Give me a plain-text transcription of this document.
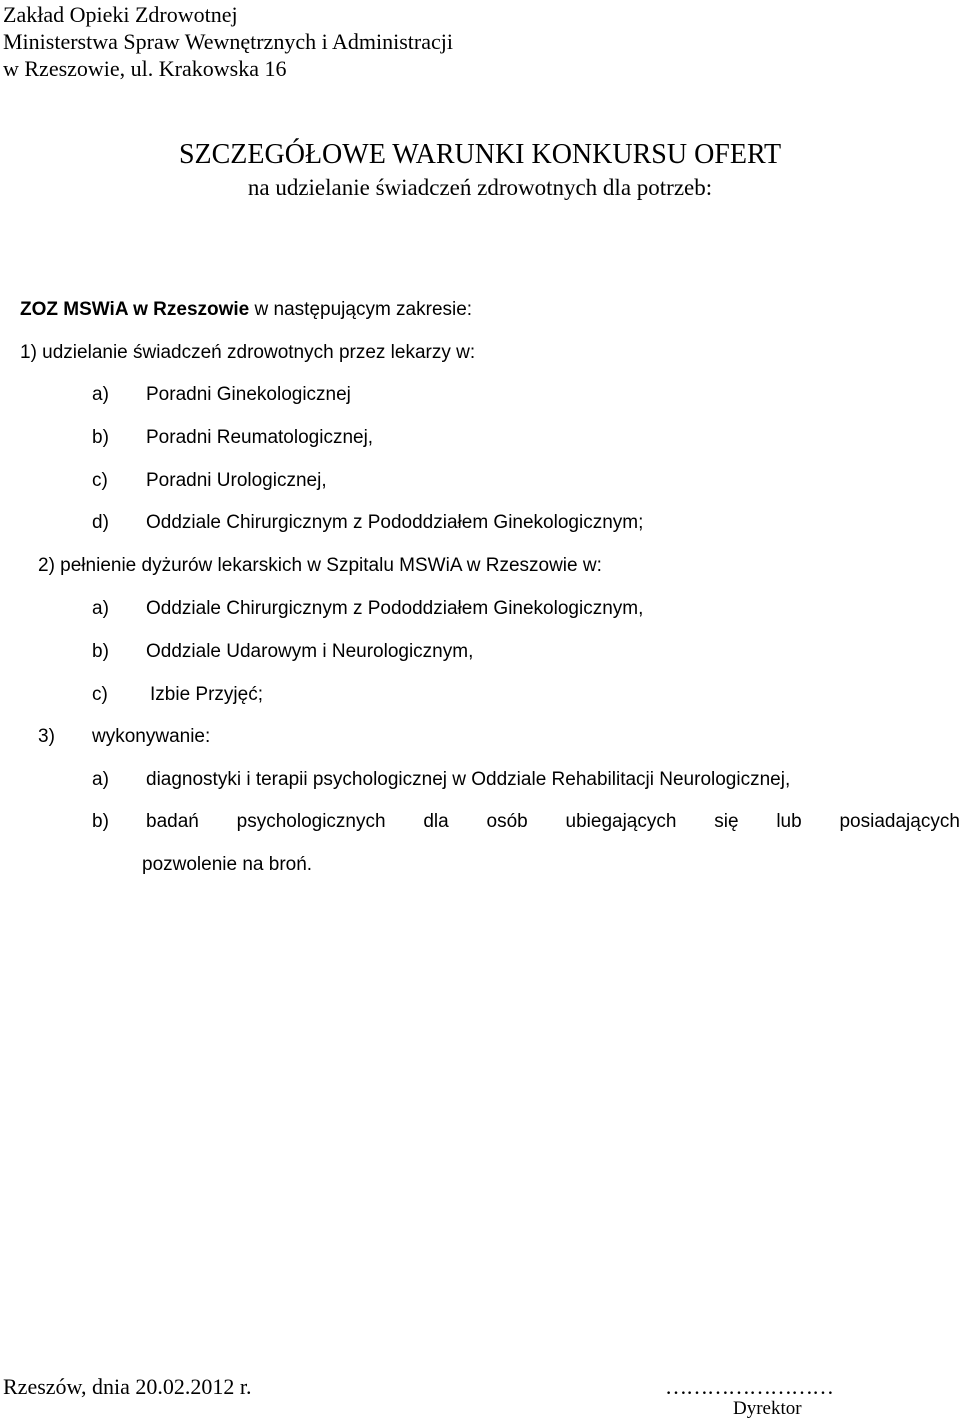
Zakład Opieki Zdrowotnej
Ministerstwa Spraw Wewnętrznych i Administracji
w Rzeszowie, ul. Krakowska 16
SZCZEGÓŁOWE WARUNKI KONKURSU OFERT
na udzielanie świadczeń zdrowotnych dla potrzeb:
ZOZ MSWiA w Rzeszowie w następującym zakresie:
1) udzielanie świadczeń zdrowotnych przez lekarzy w:
a) Poradni Ginekologicznej
b) Poradni Reumatologicznej,
c) Poradni Urologicznej,
d) Oddziale Chirurgicznym z Pododdziałem Ginekologicznym;
2) pełnienie dyżurów lekarskich w Szpitalu MSWiA w Rzeszowie w:
a) Oddziale Chirurgicznym z Pododdziałem Ginekologicznym,
b) Oddziale Udarowym i Neurologicznym,
c) Izbie Przyjęć;
3) wykonywanie:
a) diagnostyki i terapii psychologicznej w Oddziale Rehabilitacji Neurologicznej,
b) badań psychologicznych dla osób ubiegających się lub posiadających
pozwolenie na broń.
Rzeszów, dnia 20.02.2012 r.	……………………
Dyrektor
